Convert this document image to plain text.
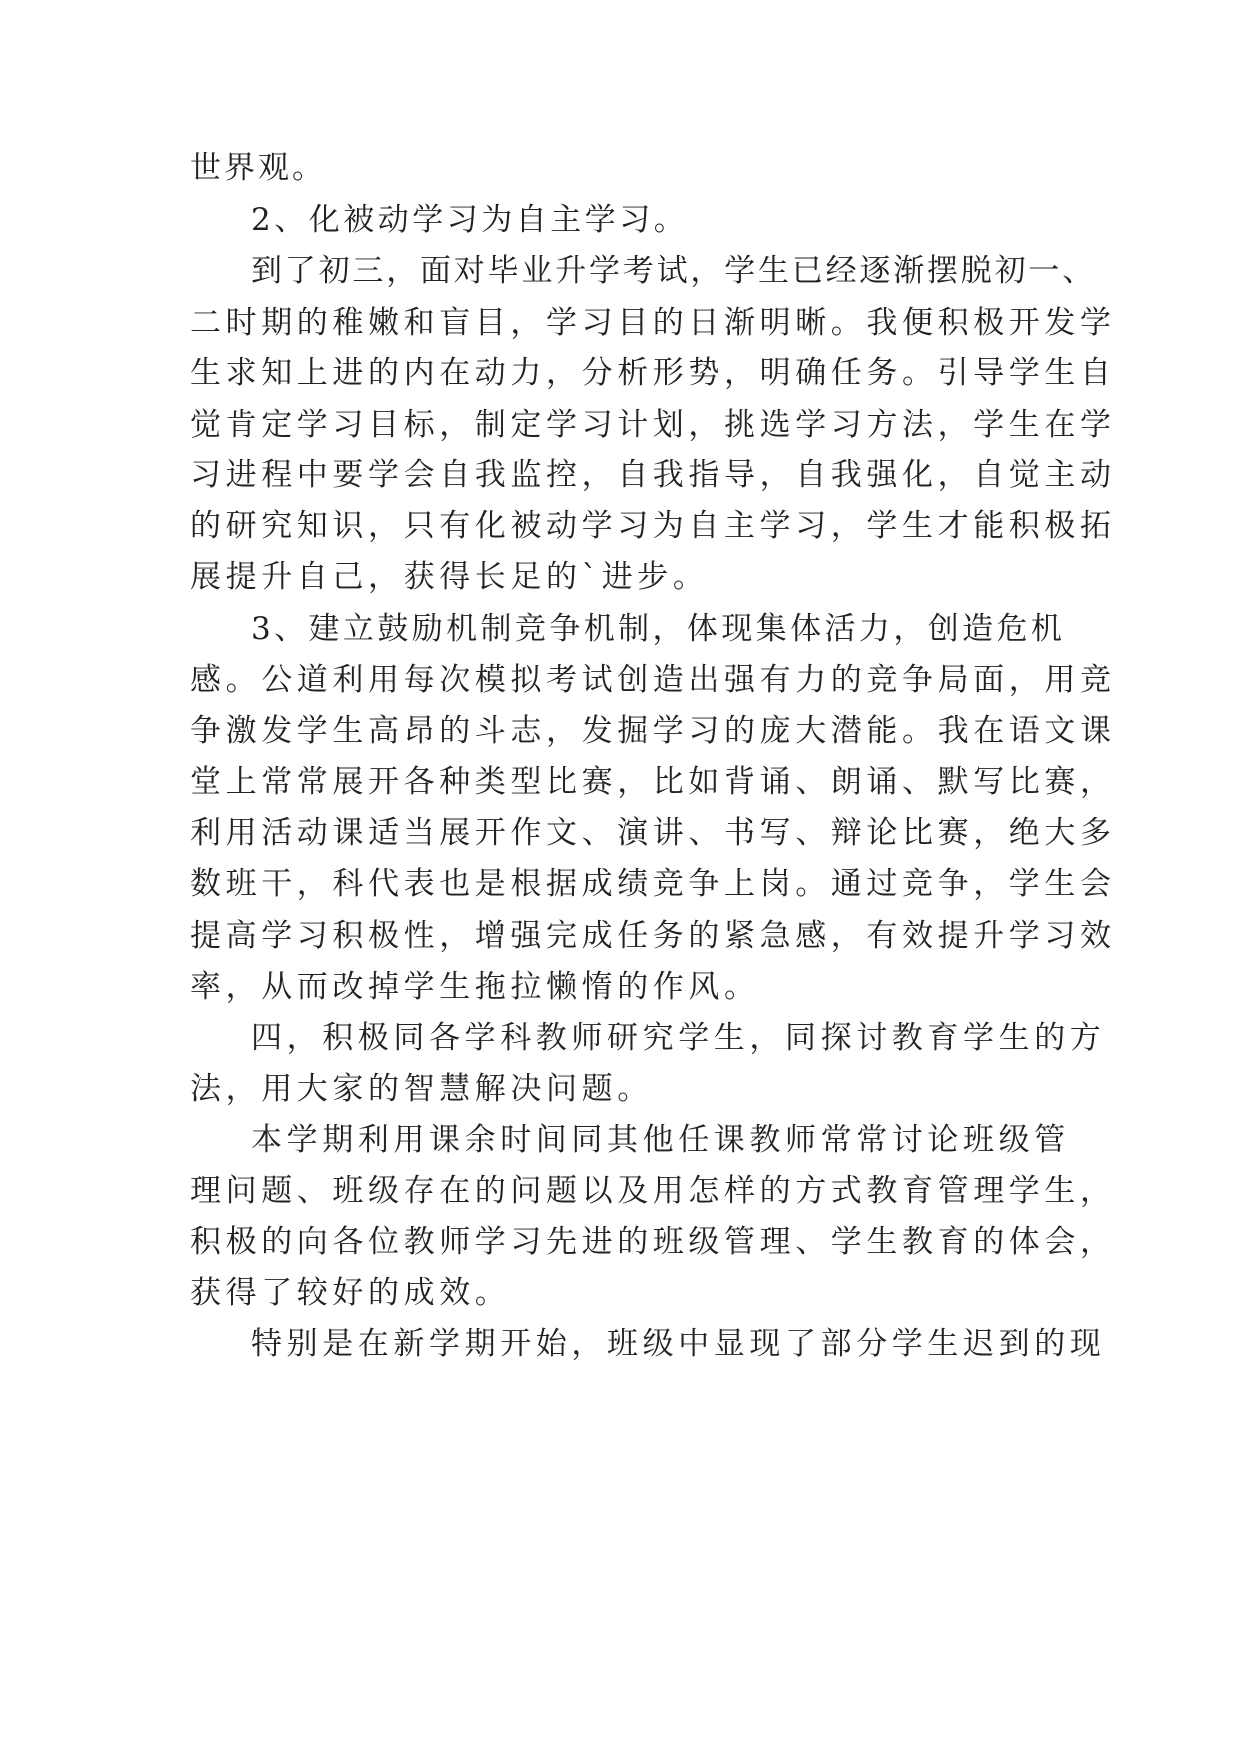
世界观。
2、化被动学习为自主学习。
到了初三，面对毕业升学考试，学生已经逐渐摆脱初一、
二时期的稚嫩和盲目，学习目的日渐明晰。我便积极开发学
生求知上进的内在动力，分析形势，明确任务。引导学生自
觉肯定学习目标，制定学习计划，挑选学习方法，学生在学
习进程中要学会自我监控，自我指导，自我强化，自觉主动
的研究知识，只有化被动学习为自主学习，学生才能积极拓
展提升自己，获得长足的`进步。
3、建立鼓励机制竞争机制，体现集体活力，创造危机
感。公道利用每次模拟考试创造出强有力的竞争局面，用竞
争激发学生高昂的斗志，发掘学习的庞大潜能。我在语文课
堂上常常展开各种类型比赛，比如背诵、朗诵、默写比赛，
利用活动课适当展开作文、演讲、书写、辩论比赛，绝大多
数班干，科代表也是根据成绩竞争上岗。通过竞争，学生会
提高学习积极性，增强完成任务的紧急感，有效提升学习效
率，从而改掉学生拖拉懒惰的作风。
四，积极同各学科教师研究学生，同探讨教育学生的方
法，用大家的智慧解决问题。
本学期利用课余时间同其他任课教师常常讨论班级管
理问题、班级存在的问题以及用怎样的方式教育管理学生，
积极的向各位教师学习先进的班级管理、学生教育的体会，
获得了较好的成效。
特别是在新学期开始，班级中显现了部分学生迟到的现
